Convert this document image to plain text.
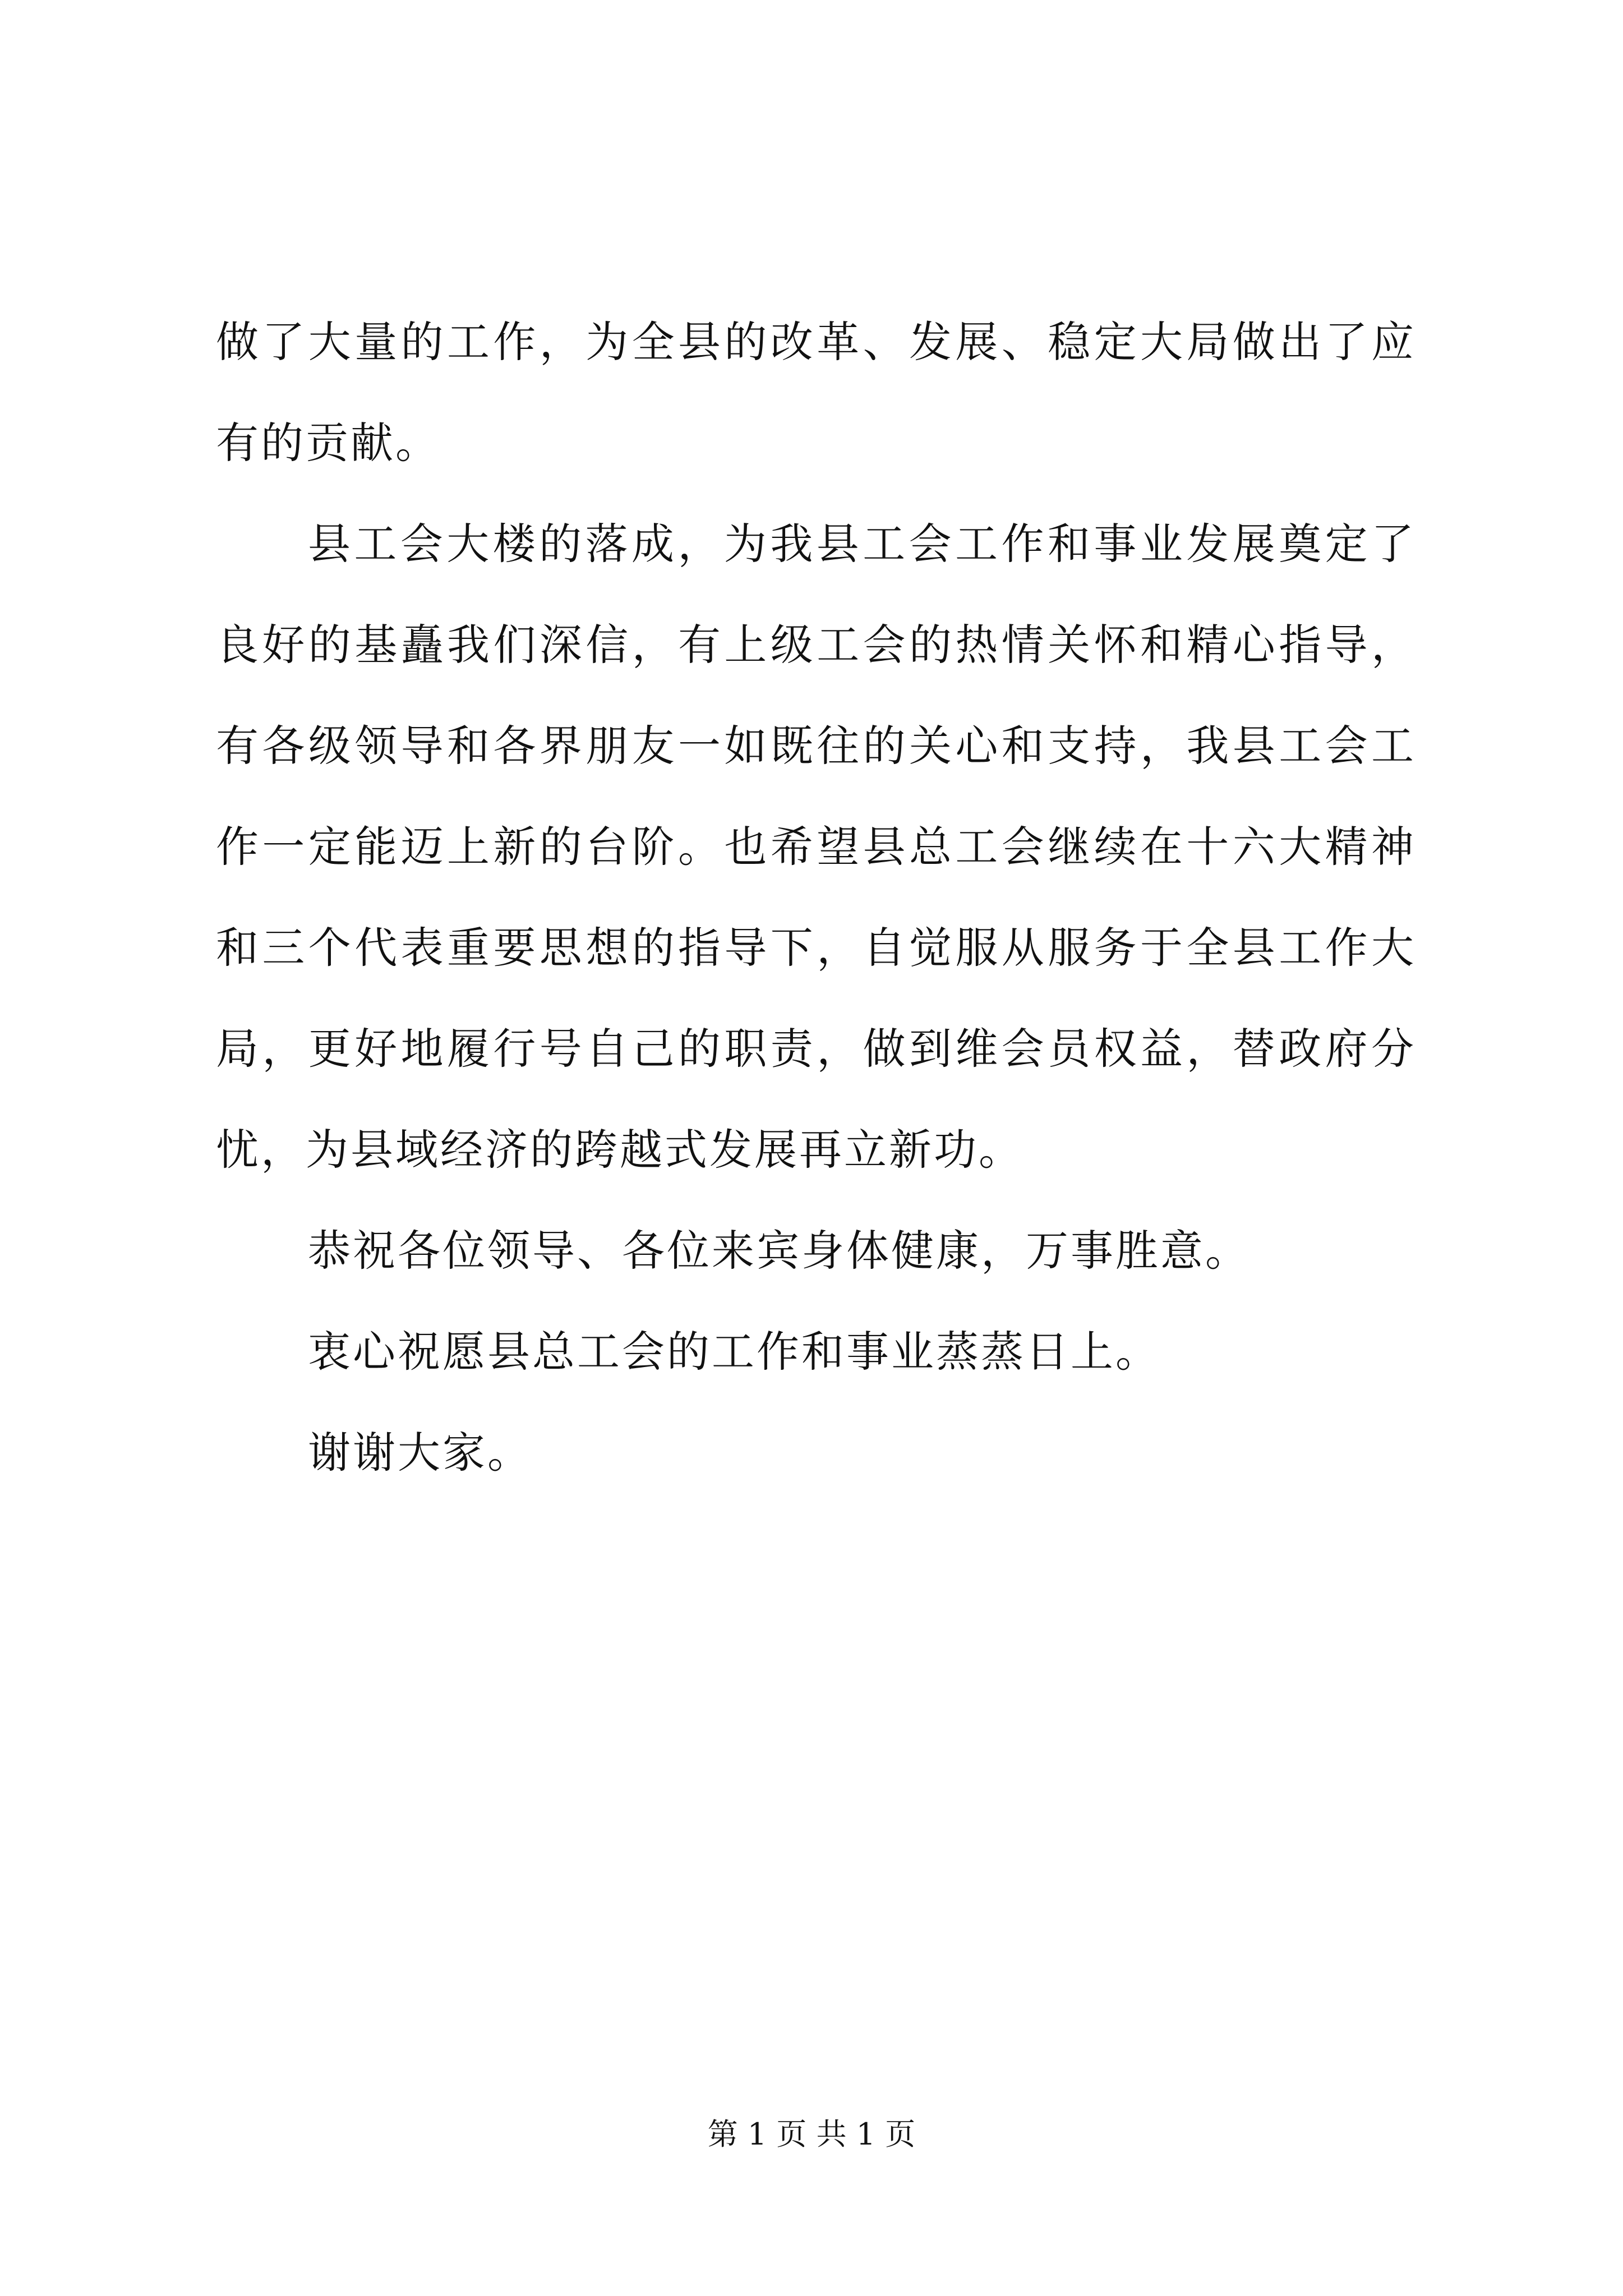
做了大量的工作，为全县的改革、发展、稳定大局做出了应有的贡献。

县工会大楼的落成，为我县工会工作和事业发展奠定了良好的基矗我们深信，有上级工会的热情关怀和精心指导，有各级领导和各界朋友一如既往的关心和支持，我县工会工作一定能迈上新的台阶。也希望县总工会继续在十六大精神和三个代表重要思想的指导下，自觉服从服务于全县工作大局，更好地履行号自己的职责，做到维会员权益，替政府分忧，为县域经济的跨越式发展再立新功。

恭祝各位领导、各位来宾身体健康，万事胜意。

衷心祝愿县总工会的工作和事业蒸蒸日上。

谢谢大家。

第 1 页 共 1 页
